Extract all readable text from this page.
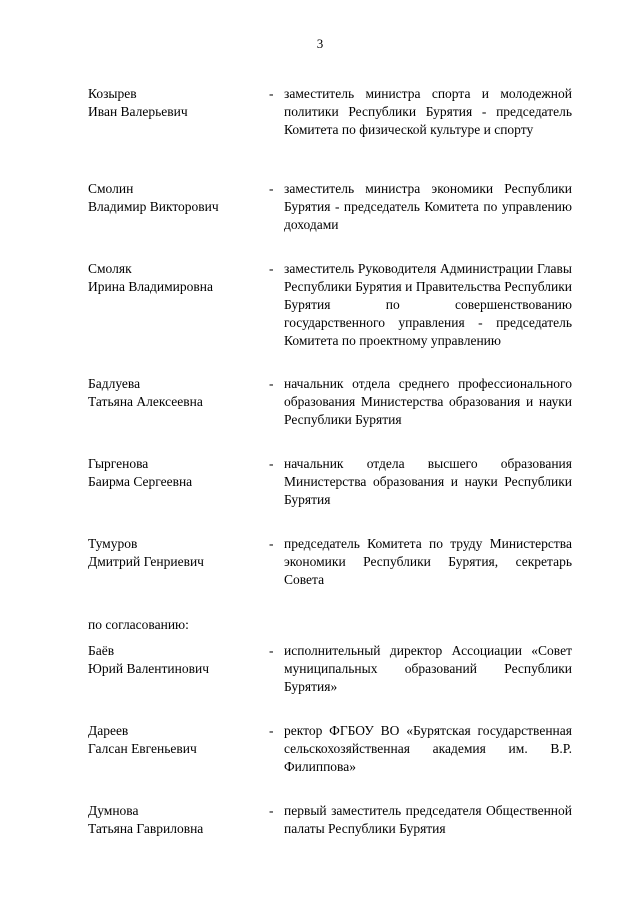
3
Козырев
Иван Валерьевич
- заместитель министра спорта и молодежной политики Республики Бурятия - председатель Комитета по физической культуре и спорту
Смолин
Владимир Викторович
- заместитель министра экономики Республики Бурятия - председатель Комитета по управлению доходами
Смоляк
Ирина Владимировна
- заместитель Руководителя Администрации Главы Республики Бурятия и Правительства Республики Бурятия по совершенствованию государственного управления - председатель Комитета по проектному управлению
Бадлуева
Татьяна Алексеевна
- начальник отдела среднего профессионального образования Министерства образования и науки Республики Бурятия
Гыргенова
Баирма Сергеевна
- начальник отдела высшего образования Министерства образования и науки Республики Бурятия
Тумуров
Дмитрий Генриевич
- председатель Комитета по труду Министерства экономики Республики Бурятия, секретарь Совета
по согласованию:
Баёв
Юрий Валентинович
- исполнительный директор Ассоциации «Совет муниципальных образований Республики Бурятия»
Дареев
Галсан Евгеньевич
- ректор ФГБОУ ВО «Бурятская государственная сельскохозяйственная академия им. В.Р. Филиппова»
Думнова
Татьяна Гавриловна
- первый заместитель председателя Общественной палаты Республики Бурятия
